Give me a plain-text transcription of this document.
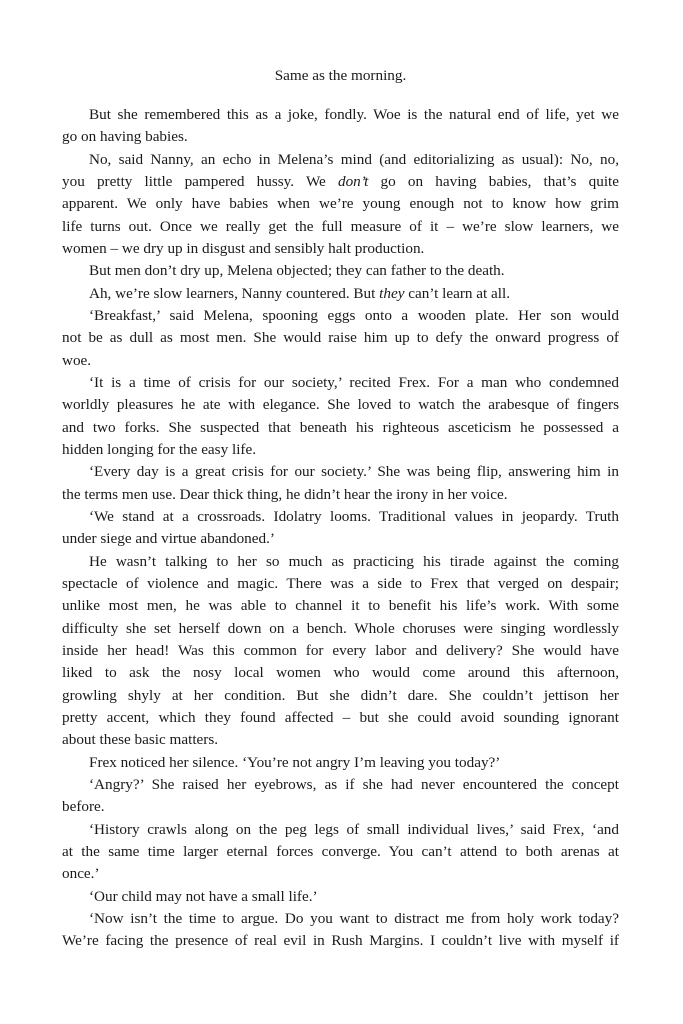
Same as the morning.
But she remembered this as a joke, fondly. Woe is the natural end of life, yet we
go on having babies.
No, said Nanny, an echo in Melena’s mind (and editorializing as usual): No, no,
you pretty little pampered hussy. We don’t go on having babies, that’s quite
apparent. We only have babies when we’re young enough not to know how grim
life turns out. Once we really get the full measure of it – we’re slow learners, we
women – we dry up in disgust and sensibly halt production.
But men don’t dry up, Melena objected; they can father to the death.
Ah, we’re slow learners, Nanny countered. But they can’t learn at all.
‘Breakfast,’ said Melena, spooning eggs onto a wooden plate. Her son would
not be as dull as most men. She would raise him up to defy the onward progress of
woe.
‘It is a time of crisis for our society,’ recited Frex. For a man who condemned
worldly pleasures he ate with elegance. She loved to watch the arabesque of fingers
and two forks. She suspected that beneath his righteous asceticism he possessed a
hidden longing for the easy life.
‘Every day is a great crisis for our society.’ She was being flip, answering him in
the terms men use. Dear thick thing, he didn’t hear the irony in her voice.
‘We stand at a crossroads. Idolatry looms. Traditional values in jeopardy. Truth
under siege and virtue abandoned.’
He wasn’t talking to her so much as practicing his tirade against the coming
spectacle of violence and magic. There was a side to Frex that verged on despair;
unlike most men, he was able to channel it to benefit his life’s work. With some
difficulty she set herself down on a bench. Whole choruses were singing wordlessly
inside her head! Was this common for every labor and delivery? She would have
liked to ask the nosy local women who would come around this afternoon,
growling shyly at her condition. But she didn’t dare. She couldn’t jettison her
pretty accent, which they found affected – but she could avoid sounding ignorant
about these basic matters.
Frex noticed her silence. ‘You’re not angry I’m leaving you today?’
‘Angry?’ She raised her eyebrows, as if she had never encountered the concept
before.
‘History crawls along on the peg legs of small individual lives,’ said Frex, ‘and
at the same time larger eternal forces converge. You can’t attend to both arenas at
once.’
‘Our child may not have a small life.’
‘Now isn’t the time to argue. Do you want to distract me from holy work today?
We’re facing the presence of real evil in Rush Margins. I couldn’t live with myself if
